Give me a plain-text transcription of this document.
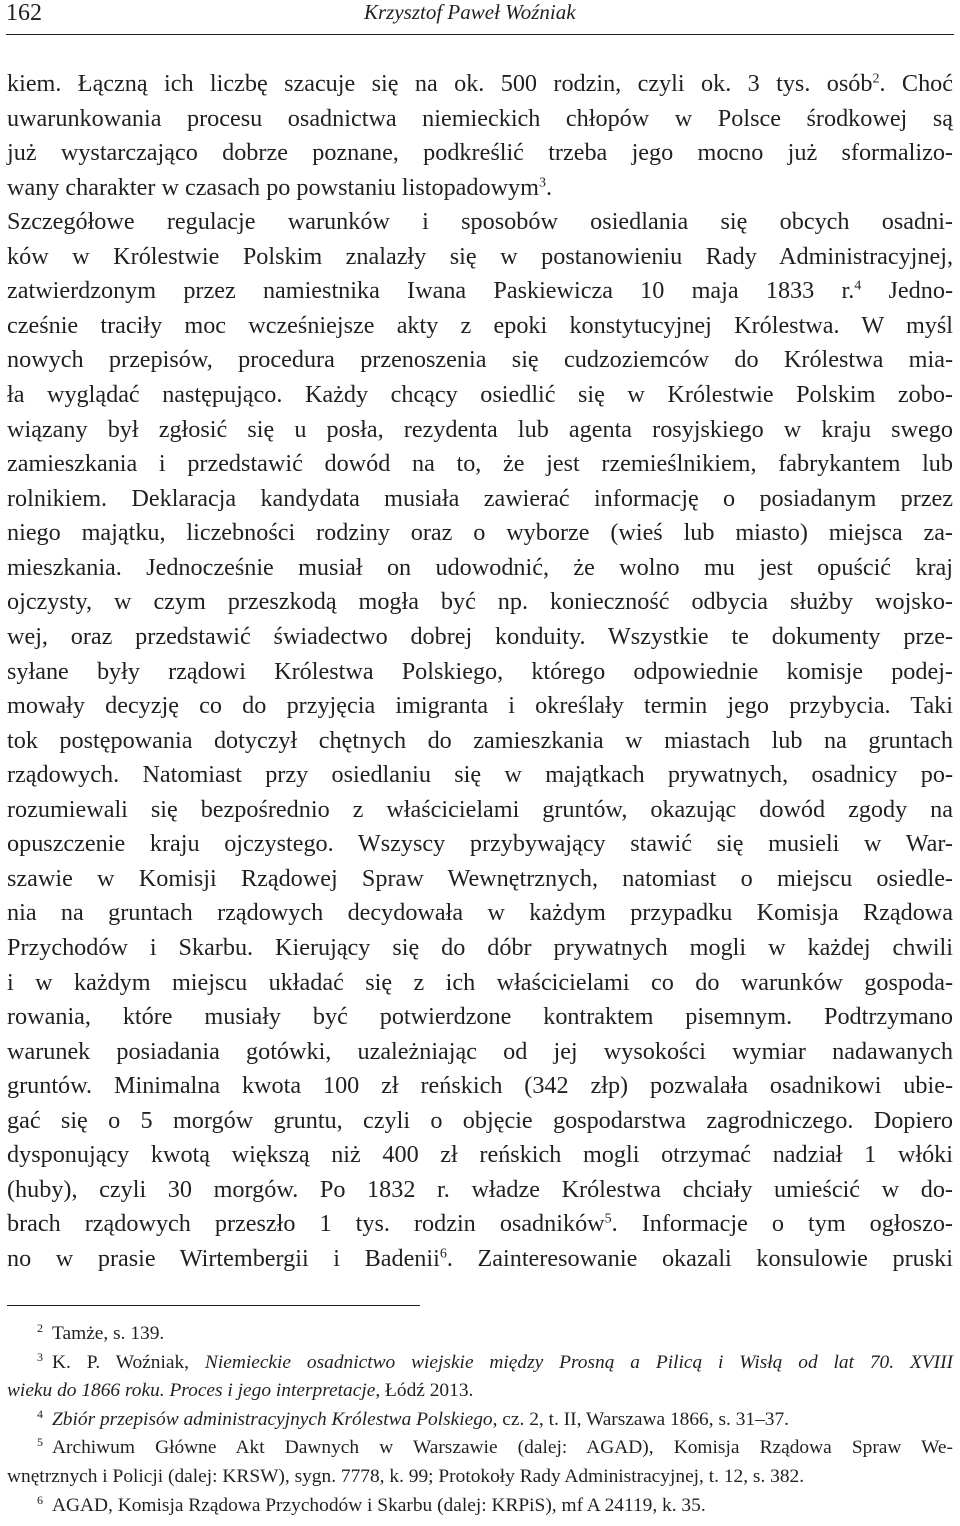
162	Krzysztof Paweł Woźniak
kiem. Łączną ich liczbę szacuje się na ok. 500 rodzin, czyli ok. 3 tys. osób$^2$. Choć
uwarunkowania procesu osadnictwa niemieckich chłopów w Polsce środkowej są
już wystarczająco dobrze poznane, podkreślić trzeba jego mocno już sformalizo-
wany charakter w czasach po powstaniu listopadowym$^3$.
Szczegółowe regulacje warunków i sposobów osiedlania się obcych osadni-
ków w Królestwie Polskim znalazły się w postanowieniu Rady Administracyjnej,
zatwierdzonym przez namiestnika Iwana Paskiewicza 10 maja 1833 r.$^4$ Jedno-
cześnie traciły moc wcześniejsze akty z epoki konstytucyjnej Królestwa. W myśl
nowych przepisów, procedura przenoszenia się cudzoziemców do Królestwa mia-
ła wyglądać następująco. Każdy chcący osiedlić się w Królestwie Polskim zobo-
wiązany był zgłosić się u posła, rezydenta lub agenta rosyjskiego w kraju swego
zamieszkania i przedstawić dowód na to, że jest rzemieślnikiem, fabrykantem lub
rolnikiem. Deklaracja kandydata musiała zawierać informację o posiadanym przez
niego majątku, liczebności rodziny oraz o wyborze (wieś lub miasto) miejsca za-
mieszkania. Jednocześnie musiał on udowodnić, że wolno mu jest opuścić kraj
ojczysty, w czym przeszkodą mogła być np. konieczność odbycia służby wojsko-
wej, oraz przedstawić świadectwo dobrej konduity. Wszystkie te dokumenty prze-
syłane były rządowi Królestwa Polskiego, którego odpowiednie komisje podej-
mowały decyzję co do przyjęcia imigranta i określały termin jego przybycia. Taki
tok postępowania dotyczył chętnych do zamieszkania w miastach lub na gruntach
rządowych. Natomiast przy osiedlaniu się w majątkach prywatnych, osadnicy po-
rozumiewali się bezpośrednio z właścicielami gruntów, okazując dowód zgody na
opuszczenie kraju ojczystego. Wszyscy przybywający stawić się musieli w War-
szawie w Komisji Rządowej Spraw Wewnętrznych, natomiast o miejscu osiedle-
nia na gruntach rządowych decydowała w każdym przypadku Komisja Rządowa
Przychodów i Skarbu. Kierujący się do dóbr prywatnych mogli w każdej chwili
i w każdym miejscu układać się z ich właścicielami co do warunków gospoda-
rowania, które musiały być potwierdzone kontraktem pisemnym. Podtrzymano
warunek posiadania gotówki, uzależniając od jej wysokości wymiar nadawanych
gruntów. Minimalna kwota 100 zł reńskich (342 złp) pozwalała osadnikowi ubie-
gać się o 5 morgów gruntu, czyli o objęcie gospodarstwa zagrodniczego. Dopiero
dysponujący kwotą większą niż 400 zł reńskich mogli otrzymać nadział 1 włóki
(huby), czyli 30 morgów. Po 1832 r. władze Królestwa chciały umieścić w do-
brach rządowych przeszło 1 tys. rodzin osadników$^5$. Informacje o tym ogłoszo-
no w prasie Wirtembergii i Badenii$^6$. Zainteresowanie okazali konsulowie pruski
$^2$ Tamże, s. 139.
$^3$ K. P. Woźniak, Niemieckie osadnictwo wiejskie między Prosną a Pilicą i Wisłą od lat 70. XVIII
wieku do 1866 roku. Proces i jego interpretacje, Łódź 2013.
$^4$ Zbiór przepisów administracyjnych Królestwa Polskiego, cz. 2, t. II, Warszawa 1866, s. 31–37.
$^5$ Archiwum Główne Akt Dawnych w Warszawie (dalej: AGAD), Komisja Rządowa Spraw We-
wnętrznych i Policji (dalej: KRSW), sygn. 7778, k. 99; Protokoły Rady Administracyjnej, t. 12, s. 382.
$^6$ AGAD, Komisja Rządowa Przychodów i Skarbu (dalej: KRPiS), mf A 24119, k. 35.
